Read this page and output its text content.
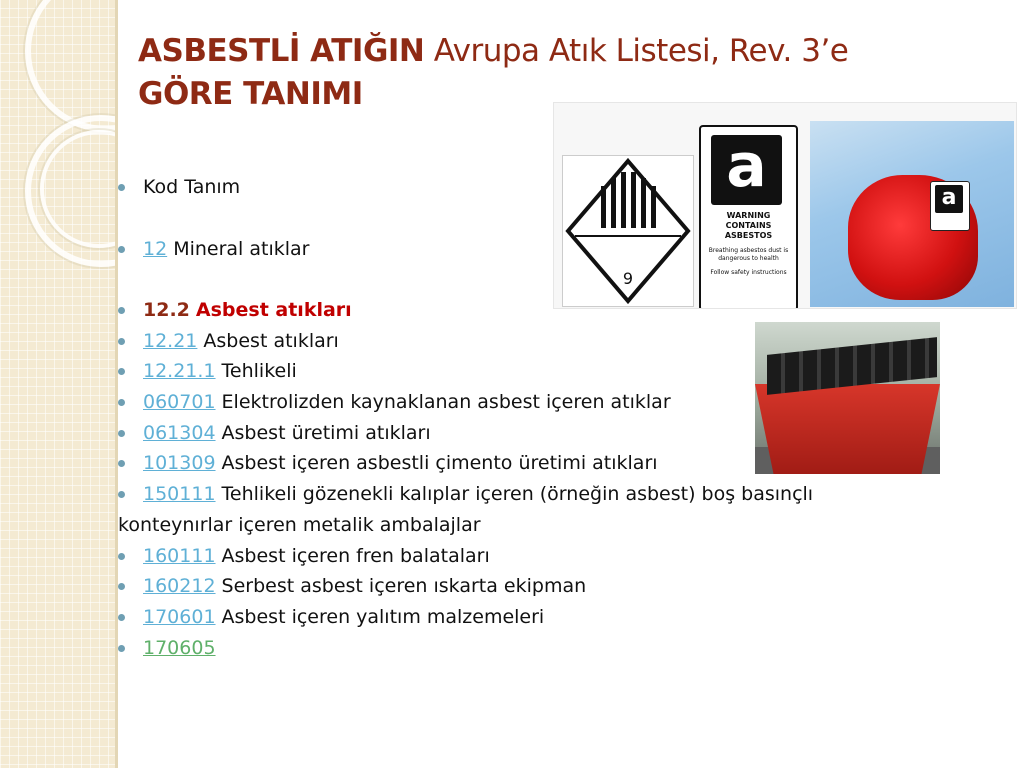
ASBESTLİ ATIĞIN Avrupa Atık Listesi, Rev. 3’e
GÖRE TANIMI
Kod Tanım
12 Mineral atıklar
12.2 Asbest atıkları
12.21 Asbest atıkları
12.21.1 Tehlikeli
060701 Elektrolizden kaynaklanan asbest içeren atıklar
061304 Asbest üretimi atıkları
101309 Asbest içeren asbestli çimento üretimi atıkları
150111 Tehlikeli gözenekli kalıplar içeren (örneğin asbest) boş basınçlı
konteynırlar içeren metalik ambalajlar
160111 Asbest içeren fren balataları
160212 Serbest asbest içeren ıskarta ekipman
170601 Asbest içeren yalıtım malzemeleri
170605
9
a
WARNING
CONTAINS
ASBESTOS
Breathing asbestos dust is dangerous to health
Follow safety instructions
a
